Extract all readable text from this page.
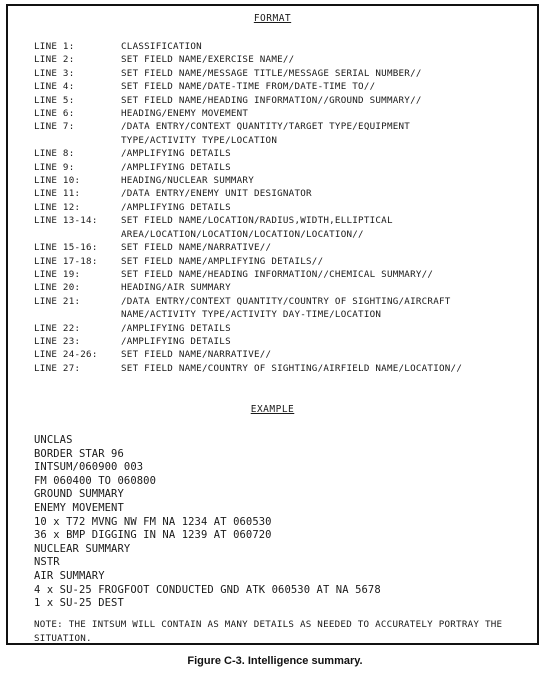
FORMAT
LINE 1:	CLASSIFICATION
LINE 2:	SET FIELD NAME/EXERCISE NAME//
LINE 3:	SET FIELD NAME/MESSAGE TITLE/MESSAGE SERIAL NUMBER//
LINE 4:	SET FIELD NAME/DATE-TIME FROM/DATE-TIME TO//
LINE 5:	SET FIELD NAME/HEADING INFORMATION//GROUND SUMMARY//
LINE 6:	HEADING/ENEMY MOVEMENT
LINE 7:	/DATA ENTRY/CONTEXT QUANTITY/TARGET TYPE/EQUIPMENT
TYPE/ACTIVITY TYPE/LOCATION
LINE 8:	/AMPLIFYING DETAILS
LINE 9:	/AMPLIFYING DETAILS
LINE 10:	HEADING/NUCLEAR SUMMARY
LINE 11:	/DATA ENTRY/ENEMY UNIT DESIGNATOR
LINE 12:	/AMPLIFYING DETAILS
LINE 13-14:	SET FIELD NAME/LOCATION/RADIUS,WIDTH,ELLIPTICAL
AREA/LOCATION/LOCATION/LOCATION/LOCATION//
LINE 15-16:	SET FIELD NAME/NARRATIVE//
LINE 17-18:	SET FIELD NAME/AMPLIFYING DETAILS//
LINE 19:	SET FIELD NAME/HEADING INFORMATION//CHEMICAL SUMMARY//
LINE 20:	HEADING/AIR SUMMARY
LINE 21:	/DATA ENTRY/CONTEXT QUANTITY/COUNTRY OF SIGHTING/AIRCRAFT
NAME/ACTIVITY TYPE/ACTIVITY DAY-TIME/LOCATION
LINE 22:	/AMPLIFYING DETAILS
LINE 23:	/AMPLIFYING DETAILS
LINE 24-26:	SET FIELD NAME/NARRATIVE//
LINE 27:	SET FIELD NAME/COUNTRY OF SIGHTING/AIRFIELD NAME/LOCATION//
EXAMPLE
UNCLAS
BORDER STAR 96
INTSUM/060900 003
FM 060400 TO 060800
GROUND SUMMARY
ENEMY MOVEMENT
10 x T72 MVNG NW FM NA 1234 AT 060530
36 x BMP DIGGING IN NA 1239 AT 060720
NUCLEAR SUMMARY
NSTR
AIR SUMMARY
4 x SU-25 FROGFOOT CONDUCTED GND ATK 060530 AT NA 5678
1 x SU-25 DEST
NOTE: THE INTSUM WILL CONTAIN AS MANY DETAILS AS NEEDED TO ACCURATELY PORTRAY THE SITUATION.
Figure C-3. Intelligence summary.
